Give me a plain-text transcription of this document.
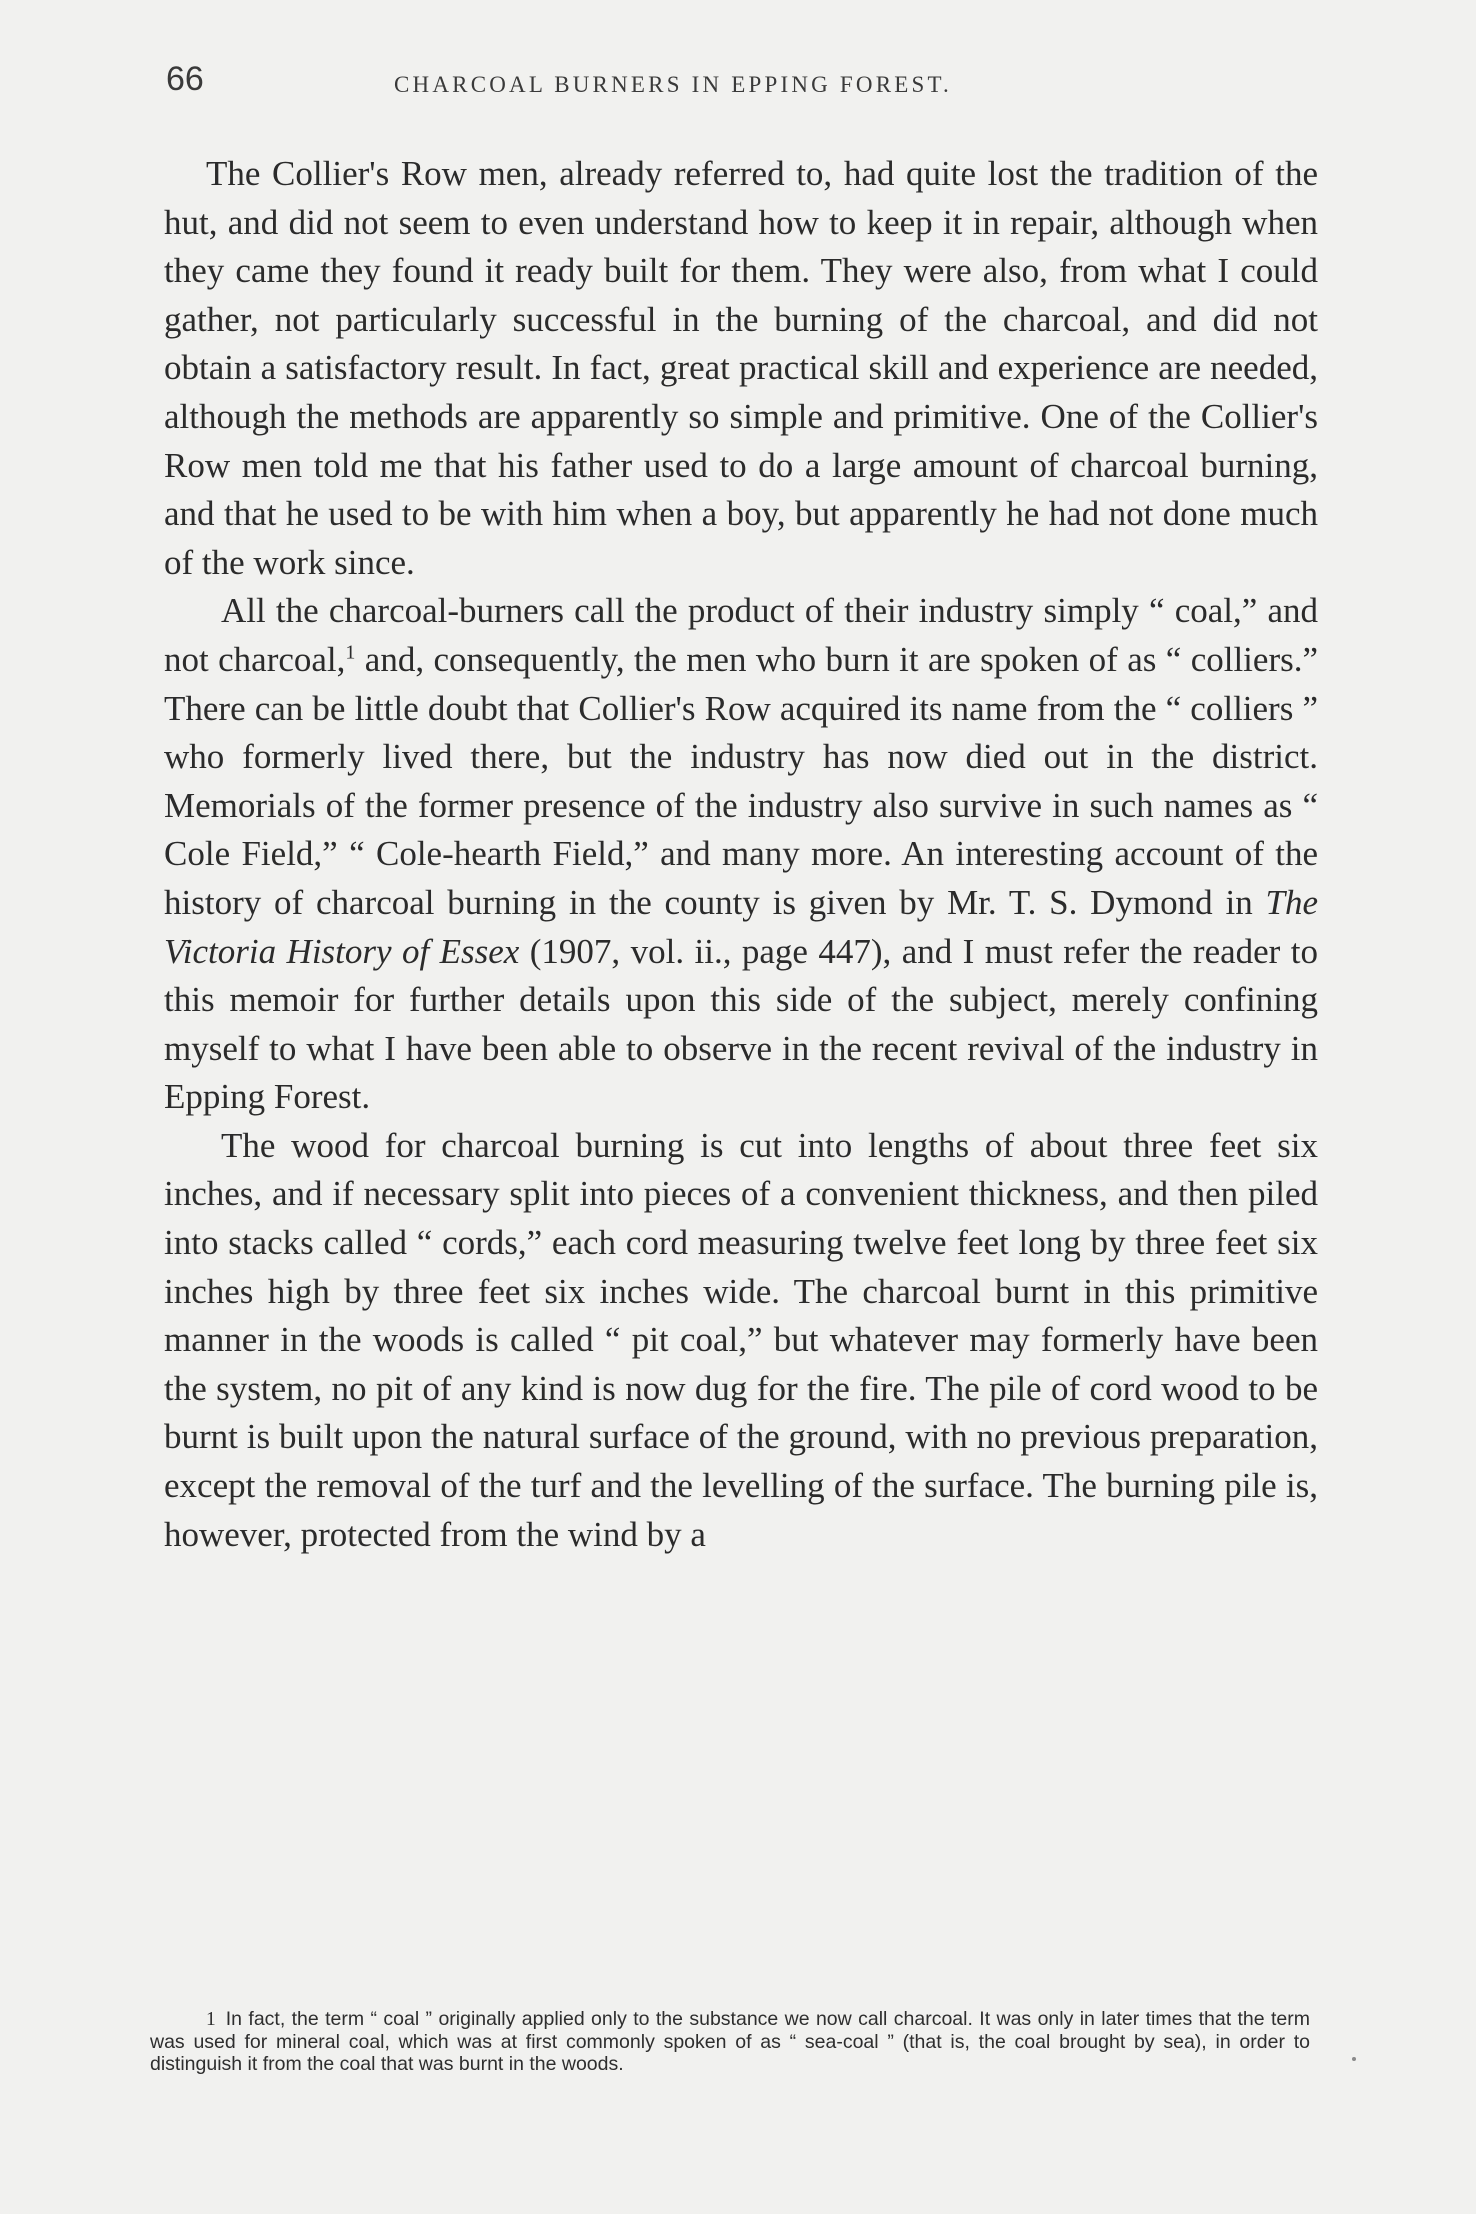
66	CHARCOAL BURNERS IN EPPING FOREST.

The Collier's Row men, already referred to, had quite lost the tradition of the hut, and did not seem to even understand how to keep it in repair, although when they came they found it ready built for them. They were also, from what I could gather, not particularly successful in the burning of the charcoal, and did not obtain a satisfactory result. In fact, great practical skill and experience are needed, although the methods are apparently so simple and primitive. One of the Collier's Row men told me that his father used to do a large amount of charcoal burning, and that he used to be with him when a boy, but apparently he had not done much of the work since.

All the charcoal-burners call the product of their industry simply “ coal,” and not charcoal,$^1$ and, consequently, the men who burn it are spoken of as “ colliers.” There can be little doubt that Collier's Row acquired its name from the “ colliers ” who formerly lived there, but the industry has now died out in the district. Memorials of the former presence of the industry also survive in such names as “ Cole Field,” “ Cole-hearth Field,” and many more. An interesting account of the history of charcoal burning in the county is given by Mr. T. S. Dymond in The Victoria History of Essex (1907, vol. ii., page 447), and I must refer the reader to this memoir for further details upon this side of the subject, merely confining myself to what I have been able to observe in the recent revival of the industry in Epping Forest.

The wood for charcoal burning is cut into lengths of about three feet six inches, and if necessary split into pieces of a convenient thickness, and then piled into stacks called “ cords,” each cord measuring twelve feet long by three feet six inches high by three feet six inches wide. The charcoal burnt in this primitive manner in the woods is called “ pit coal,” but whatever may formerly have been the system, no pit of any kind is now dug for the fire. The pile of cord wood to be burnt is built upon the natural surface of the ground, with no previous preparation, except the removal of the turf and the levelling of the surface. The burning pile is, however, protected from the wind by a

1 In fact, the term “ coal ” originally applied only to the substance we now call charcoal. It was only in later times that the term was used for mineral coal, which was at first commonly spoken of as “ sea-coal ” (that is, the coal brought by sea), in order to distinguish it from the coal that was burnt in the woods.
